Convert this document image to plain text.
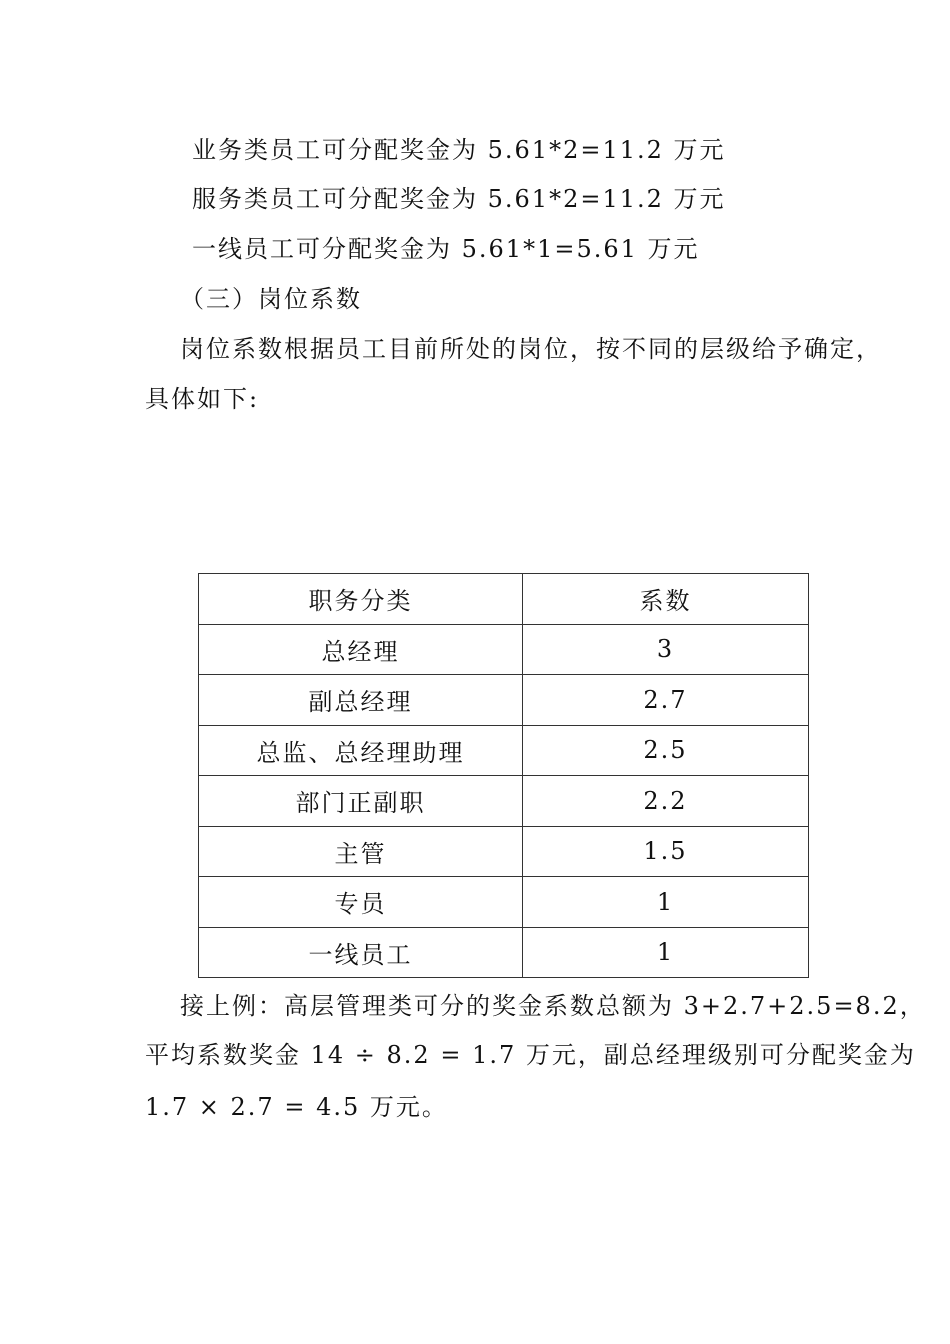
业务类员工可分配奖金为 5.61*2=11.2 万元

服务类员工可分配奖金为 5.61*2=11.2 万元

一线员工可分配奖金为 5.61*1=5.61 万元

（三）岗位系数

岗位系数根据员工目前所处的岗位，按不同的层级给予确定，

具体如下:

职务分类	系数
总经理	3
副总经理	2.7
总监、总经理助理	2.5
部门正副职	2.2
主管	1.5
专员	1
一线员工	1

接上例：高层管理类可分的奖金系数总额为 3+2.7+2.5=8.2，

平均系数奖金 14 ÷ 8.2 = 1.7 万元，副总经理级别可分配奖金为

1.7 × 2.7 = 4.5 万元。
